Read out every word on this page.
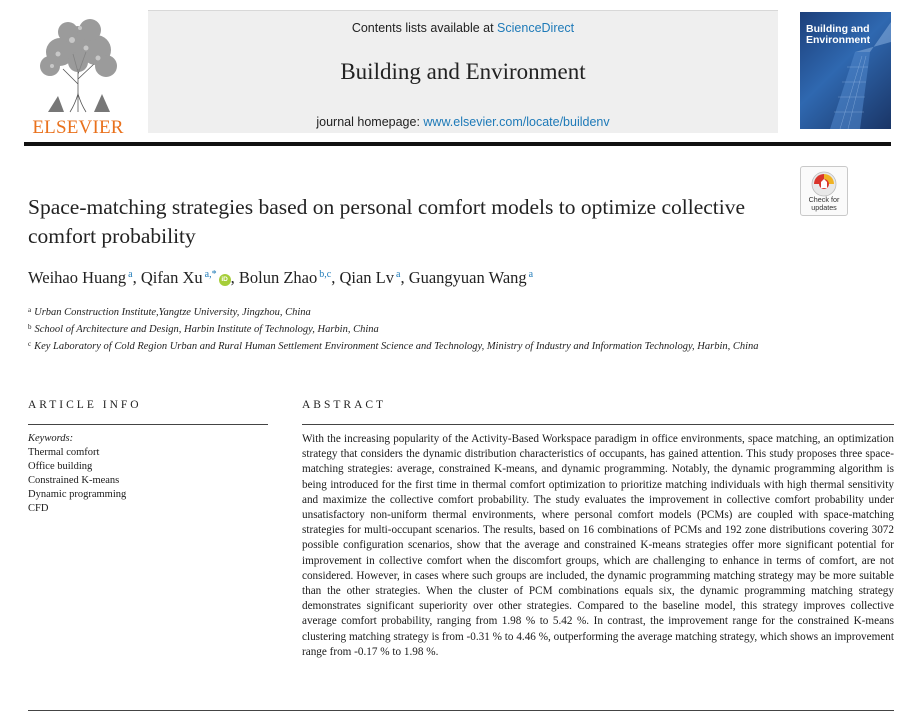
ELSEVIER
Contents lists available at ScienceDirect
Building and Environment
journal homepage: www.elsevier.com/locate/buildenv
Building and
Environment
Check for
updates
Space-matching strategies based on personal comfort models to optimize collective comfort probability
Weihao Huang $^a$, Qifan Xu $^{a,*}$ iD , Bolun Zhao $^{b,c}$, Qian Lv $^a$, Guangyuan Wang $^a$
$^a$ Urban Construction Institute,Yangtze University, Jingzhou, China
$^b$ School of Architecture and Design, Harbin Institute of Technology, Harbin, China
$^c$ Key Laboratory of Cold Region Urban and Rural Human Settlement Environment Science and Technology, Ministry of Industry and Information Technology, Harbin, China
ARTICLE INFO
Keywords:
Thermal comfort
Office building
Constrained K-means
Dynamic programming
CFD
ABSTRACT
With the increasing popularity of the Activity-Based Workspace paradigm in office environments, space matching, an optimization strategy that considers the dynamic distribution characteristics of occupants, has gained attention. This study proposes three space-matching strategies: average, constrained K-means, and dynamic programming. Notably, the dynamic programming algorithm is being introduced for the first time in thermal comfort optimization to prioritize matching individuals with high thermal sensitivity and maximize the collective comfort probability. The study evaluates the improvement in collective comfort probability under unsatisfactory non-uniform thermal environments, where personal comfort models (PCMs) are coupled with space-matching strategies for multi-occupant scenarios. The results, based on 16 combinations of PCMs and 192 zone distributions covering 3072 possible configuration scenarios, show that the average and constrained K-means strategies offer more significant potential for improvement in collective comfort when the discomfort groups, which are challenging to enhance in terms of comfort, are not considered. However, in cases where such groups are included, the dynamic programming matching strategy may be more suitable than the other strategies. When the cluster of PCM combinations equals six, the dynamic programming matching strategy demonstrates significant superiority over other strategies. Compared to the baseline model, this strategy improves collective average comfort probability, ranging from 1.98 % to 5.42 %. In contrast, the improvement range for the constrained K-means clustering matching strategy is from -0.31 % to 4.46 %, outperforming the average matching strategy, which shows an improvement range from -0.17 % to 1.98 %.
